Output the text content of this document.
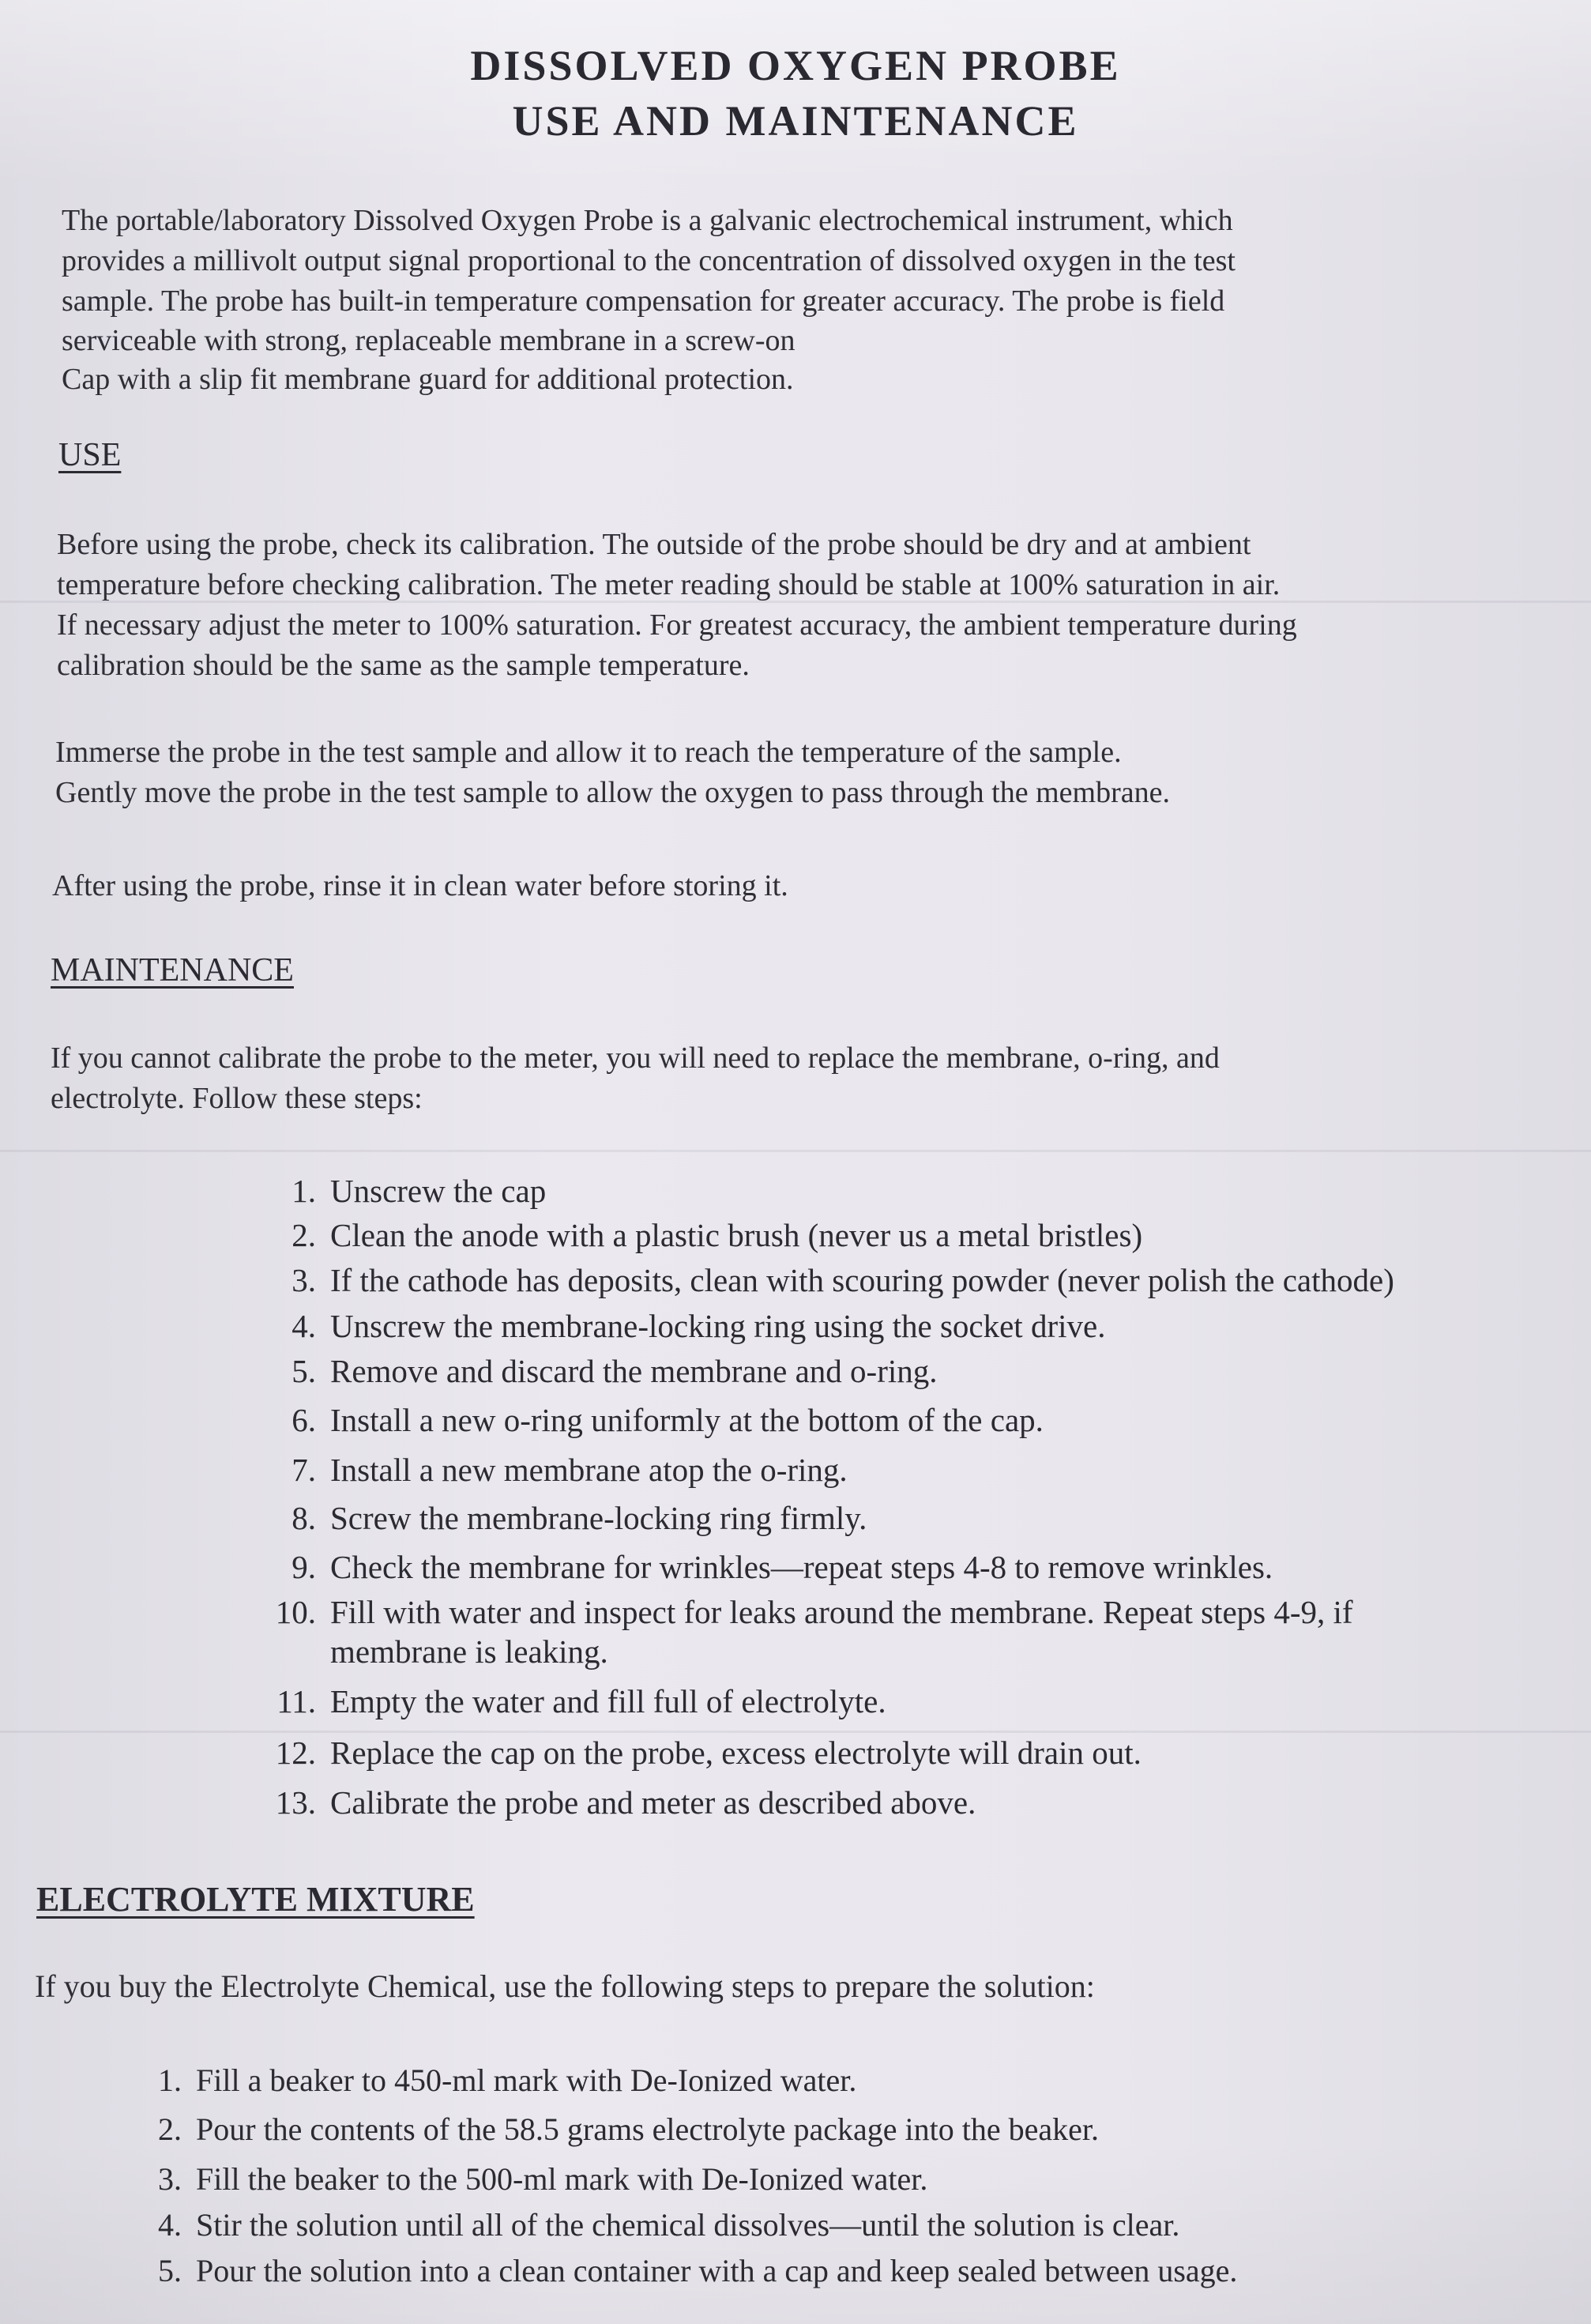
DISSOLVED OXYGEN PROBE
USE AND MAINTENANCE
The portable/laboratory Dissolved Oxygen Probe is a galvanic electrochemical instrument, which
provides a millivolt output signal proportional to the concentration of dissolved oxygen in the test
sample. The probe has built-in temperature compensation for greater accuracy. The probe is field
serviceable with strong, replaceable membrane in a screw-on
Cap with a slip fit membrane guard for additional protection.
USE
Before using the probe, check its calibration. The outside of the probe should be dry and at ambient
temperature before checking calibration. The meter reading should be stable at 100% saturation in air.
If necessary adjust the meter to 100% saturation. For greatest accuracy, the ambient temperature during
calibration should be the same as the sample temperature.
Immerse the probe in the test sample and allow it to reach the temperature of the sample.
Gently move the probe in the test sample to allow the oxygen to pass through the membrane.
After using the probe, rinse it in clean water before storing it.
MAINTENANCE
If you cannot calibrate the probe to the meter, you will need to replace the membrane, o-ring, and
electrolyte. Follow these steps:
1. Unscrew the cap
2. Clean the anode with a plastic brush (never us a metal bristles)
3. If the cathode has deposits, clean with scouring powder (never polish the cathode)
4. Unscrew the membrane-locking ring using the socket drive.
5. Remove and discard the membrane and o-ring.
6. Install a new o-ring uniformly at the bottom of the cap.
7. Install a new membrane atop the o-ring.
8. Screw the membrane-locking ring firmly.
9. Check the membrane for wrinkles—repeat steps 4-8 to remove wrinkles.
10. Fill with water and inspect for leaks around the membrane. Repeat steps 4-9, if
membrane is leaking.
11. Empty the water and fill full of electrolyte.
12. Replace the cap on the probe, excess electrolyte will drain out.
13. Calibrate the probe and meter as described above.
ELECTROLYTE MIXTURE
If you buy the Electrolyte Chemical, use the following steps to prepare the solution:
1. Fill a beaker to 450-ml mark with De-Ionized water.
2. Pour the contents of the 58.5 grams electrolyte package into the beaker.
3. Fill the beaker to the 500-ml mark with De-Ionized water.
4. Stir the solution until all of the chemical dissolves—until the solution is clear.
5. Pour the solution into a clean container with a cap and keep sealed between usage.
